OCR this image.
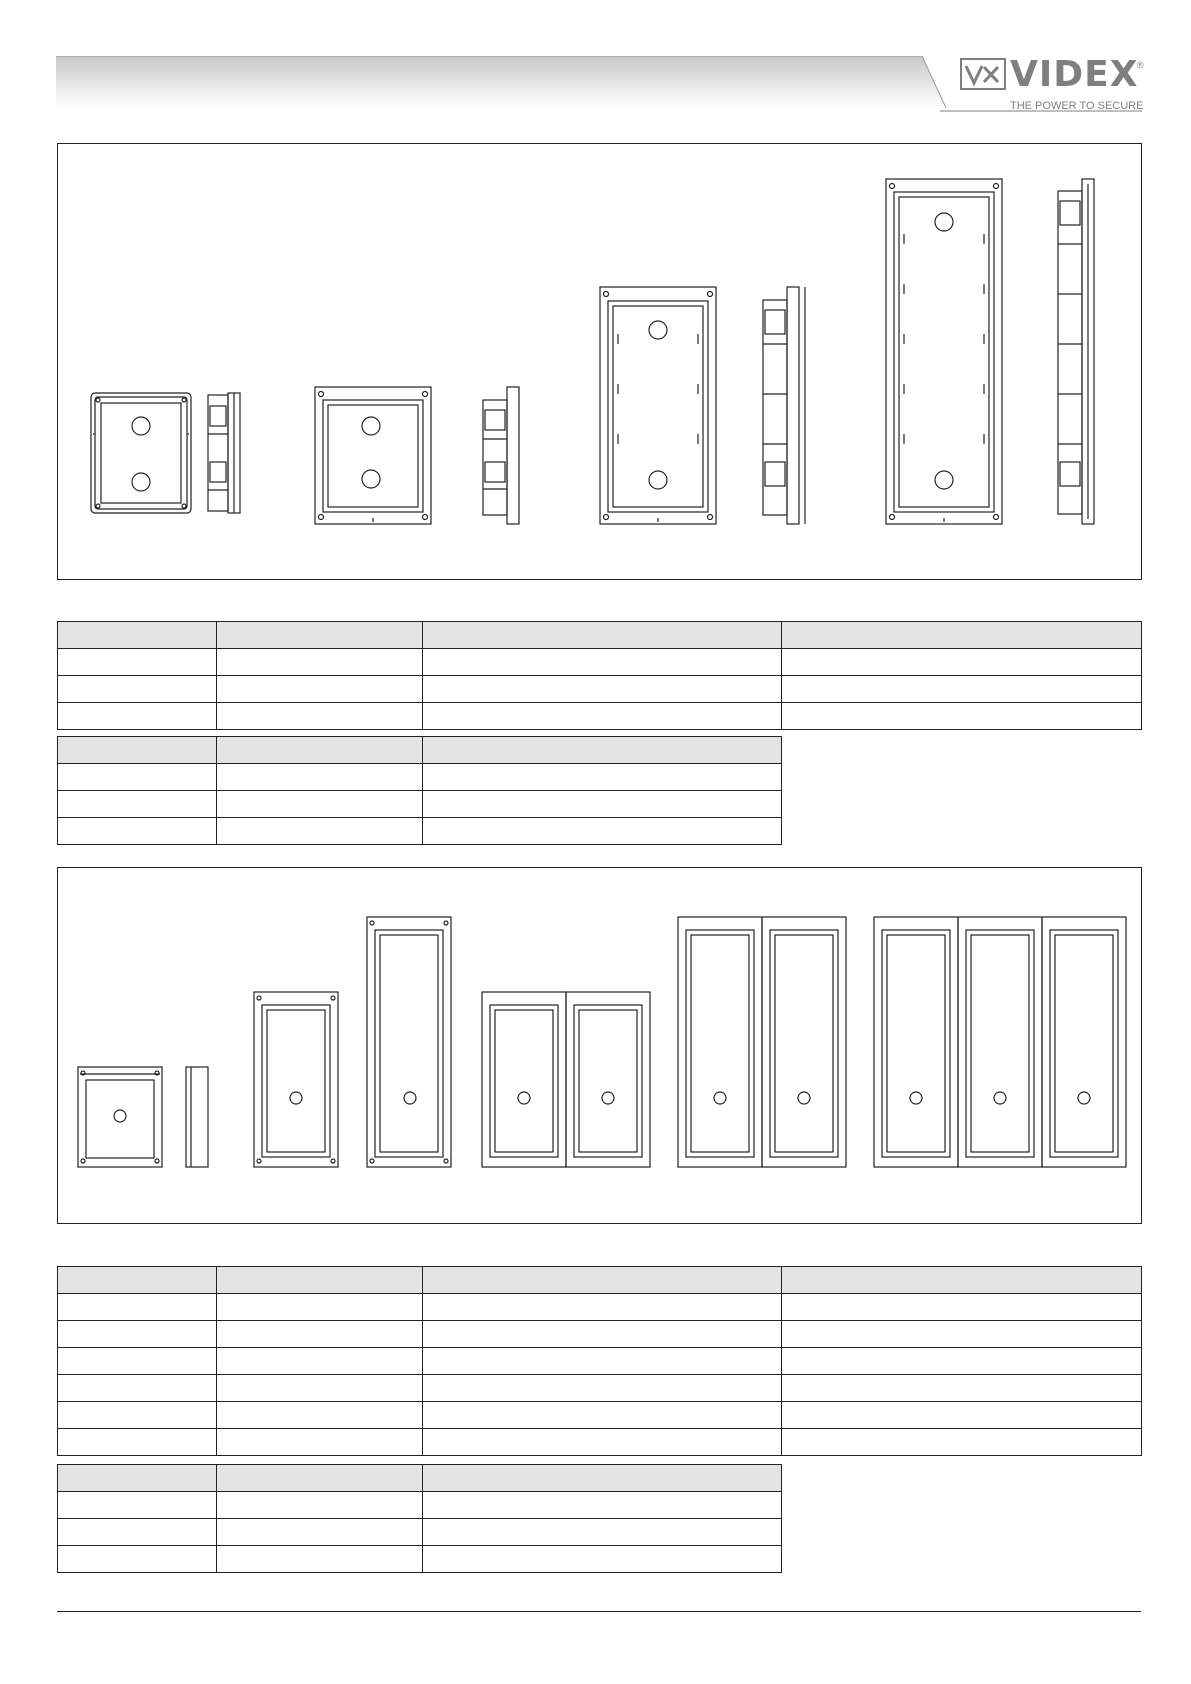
VIDEX
®
THE POWER TO SECURE
